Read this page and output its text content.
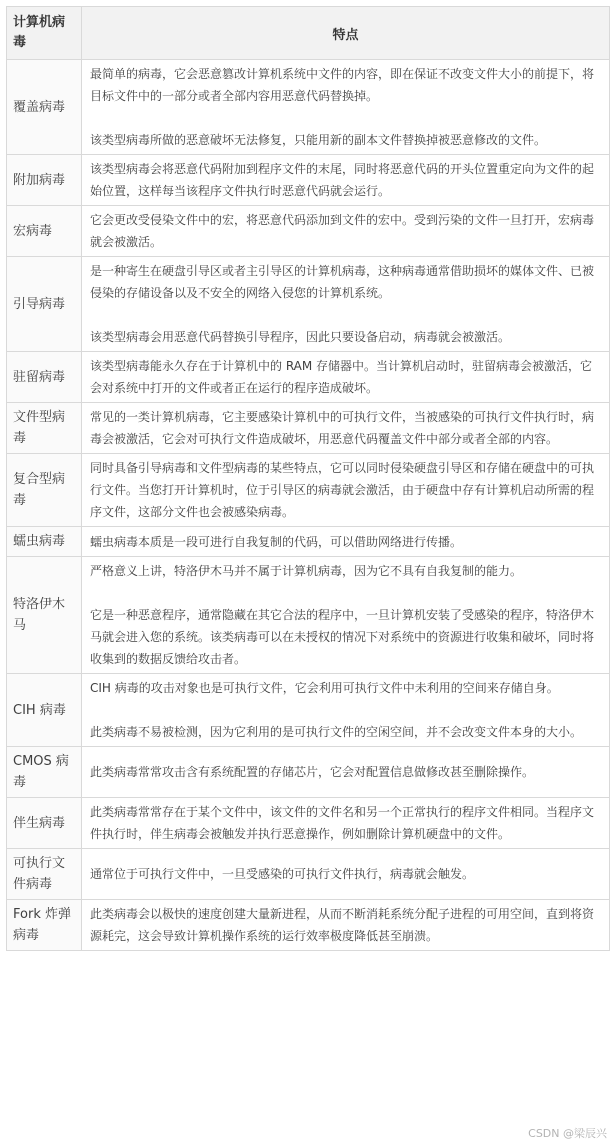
计算机病毒	特点
覆盖病毒	最简单的病毒，它会恶意篡改计算机系统中文件的内容，即在保证不改变文件大小的前提下，将目标文件中的一部分或者全部内容用恶意代码替换掉。

该类型病毒所做的恶意破坏无法修复，只能用新的副本文件替换掉被恶意修改的文件。

附加病毒	该类型病毒会将恶意代码附加到程序文件的末尾，同时将恶意代码的开头位置重定向为文件的起始位置，这样每当该程序文件执行时恶意代码就会运行。

宏病毒	它会更改受侵染文件中的宏，将恶意代码添加到文件的宏中。受到污染的文件一旦打开，宏病毒就会被激活。

引导病毒	是一种寄生在硬盘引导区或者主引导区的计算机病毒，这种病毒通常借助损坏的媒体文件、已被侵染的存储设备以及不安全的网络入侵您的计算机系统。

该类型病毒会用恶意代码替换引导程序，因此只要设备启动，病毒就会被激活。

驻留病毒	该类型病毒能永久存在于计算机中的 RAM 存储器中。当计算机启动时，驻留病毒会被激活，它会对系统中打开的文件或者正在运行的程序造成破坏。

文件型病毒	常见的一类计算机病毒，它主要感染计算机中的可执行文件，当被感染的可执行文件执行时，病毒会被激活，它会对可执行文件造成破坏，用恶意代码覆盖文件中部分或者全部的内容。

复合型病毒	同时具备引导病毒和文件型病毒的某些特点，它可以同时侵染硬盘引导区和存储在硬盘中的可执行文件。当您打开计算机时，位于引导区的病毒就会激活，由于硬盘中存有计算机启动所需的程序文件，这部分文件也会被感染病毒。

蠕虫病毒	蠕虫病毒本质是一段可进行自我复制的代码，可以借助网络进行传播。

特洛伊木马	严格意义上讲，特洛伊木马并不属于计算机病毒，因为它不具有自我复制的能力。

它是一种恶意程序，通常隐藏在其它合法的程序中，一旦计算机安装了受感染的程序，特洛伊木马就会进入您的系统。该类病毒可以在未授权的情况下对系统中的资源进行收集和破坏，同时将收集到的数据反馈给攻击者。

CIH 病毒	CIH 病毒的攻击对象也是可执行文件，它会利用可执行文件中未利用的空间来存储自身。

此类病毒不易被检测，因为它利用的是可执行文件的空闲空间，并不会改变文件本身的大小。

CMOS 病毒	此类病毒常常攻击含有系统配置的存储芯片，它会对配置信息做修改甚至删除操作。

伴生病毒	此类病毒常常存在于某个文件中，该文件的文件名和另一个正常执行的程序文件相同。当程序文件执行时，伴生病毒会被触发并执行恶意操作，例如删除计算机硬盘中的文件。

可执行文件病毒	通常位于可执行文件中，一旦受感染的可执行文件执行，病毒就会触发。

Fork 炸弹病毒	此类病毒会以极快的速度创建大量新进程，从而不断消耗系统分配子进程的可用空间，直到将资源耗完，这会导致计算机操作系统的运行效率极度降低甚至崩溃。

CSDN @梁辰兴
